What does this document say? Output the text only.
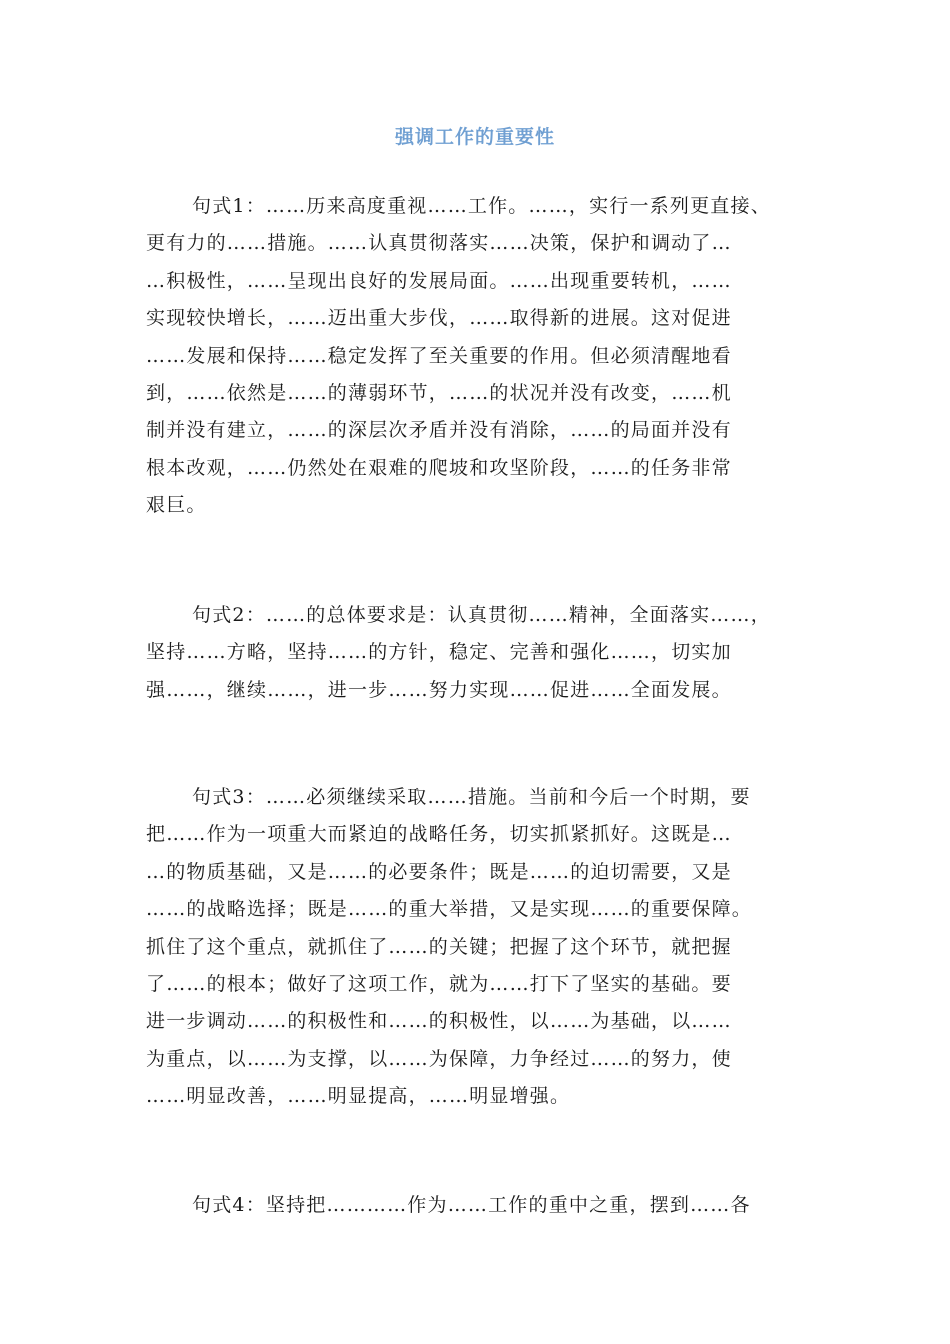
强调工作的重要性
句式1：……历来高度重视……工作。……，实行一系列更直接、
更有力的……措施。……认真贯彻落实……决策，保护和调动了…
…积极性，……呈现出良好的发展局面。……出现重要转机，……
实现较快增长，……迈出重大步伐，……取得新的进展。这对促进
……发展和保持……稳定发挥了至关重要的作用。但必须清醒地看
到，……依然是……的薄弱环节，……的状况并没有改变，……机
制并没有建立，……的深层次矛盾并没有消除，……的局面并没有
根本改观，……仍然处在艰难的爬坡和攻坚阶段，……的任务非常
艰巨。
句式2：……的总体要求是：认真贯彻……精神，全面落实……，
坚持……方略，坚持……的方针，稳定、完善和强化……，切实加
强……，继续……，进一步……努力实现……促进……全面发展。
句式3：……必须继续采取……措施。当前和今后一个时期，要
把……作为一项重大而紧迫的战略任务，切实抓紧抓好。这既是…
…的物质基础，又是……的必要条件；既是……的迫切需要，又是
……的战略选择；既是……的重大举措，又是实现……的重要保障。
抓住了这个重点，就抓住了……的关键；把握了这个环节，就把握
了……的根本；做好了这项工作，就为……打下了坚实的基础。要
进一步调动……的积极性和……的积极性，以……为基础，以……
为重点，以……为支撑，以……为保障，力争经过……的努力，使
……明显改善，……明显提高，……明显增强。
句式4：坚持把…………作为……工作的重中之重，摆到……各
